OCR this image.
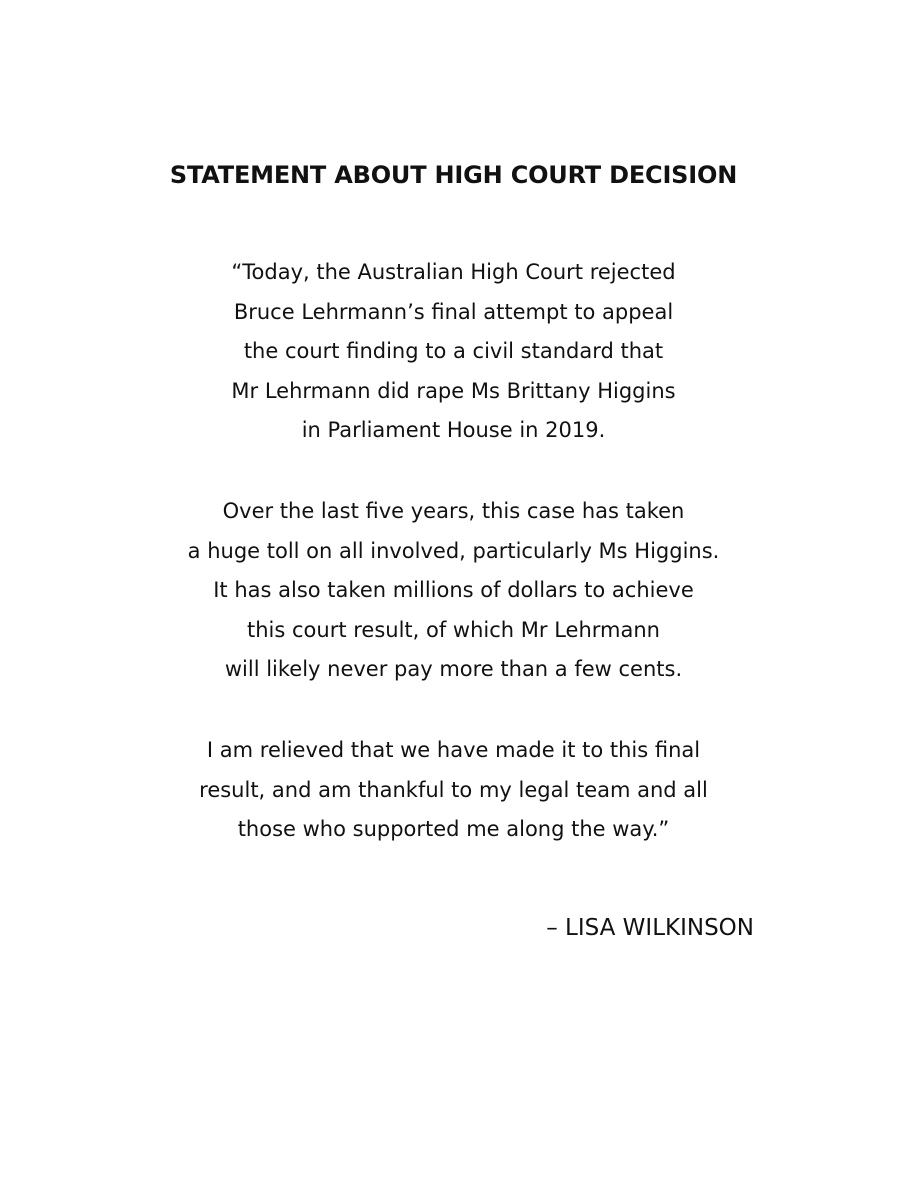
STATEMENT ABOUT HIGH COURT DECISION

“Today, the Australian High Court rejected
Bruce Lehrmann’s final attempt to appeal
the court finding to a civil standard that
Mr Lehrmann did rape Ms Brittany Higgins
in Parliament House in 2019.

Over the last five years, this case has taken
a huge toll on all involved, particularly Ms Higgins.
It has also taken millions of dollars to achieve
this court result, of which Mr Lehrmann
will likely never pay more than a few cents.

I am relieved that we have made it to this final
result, and am thankful to my legal team and all
those who supported me along the way.”

– LISA WILKINSON
